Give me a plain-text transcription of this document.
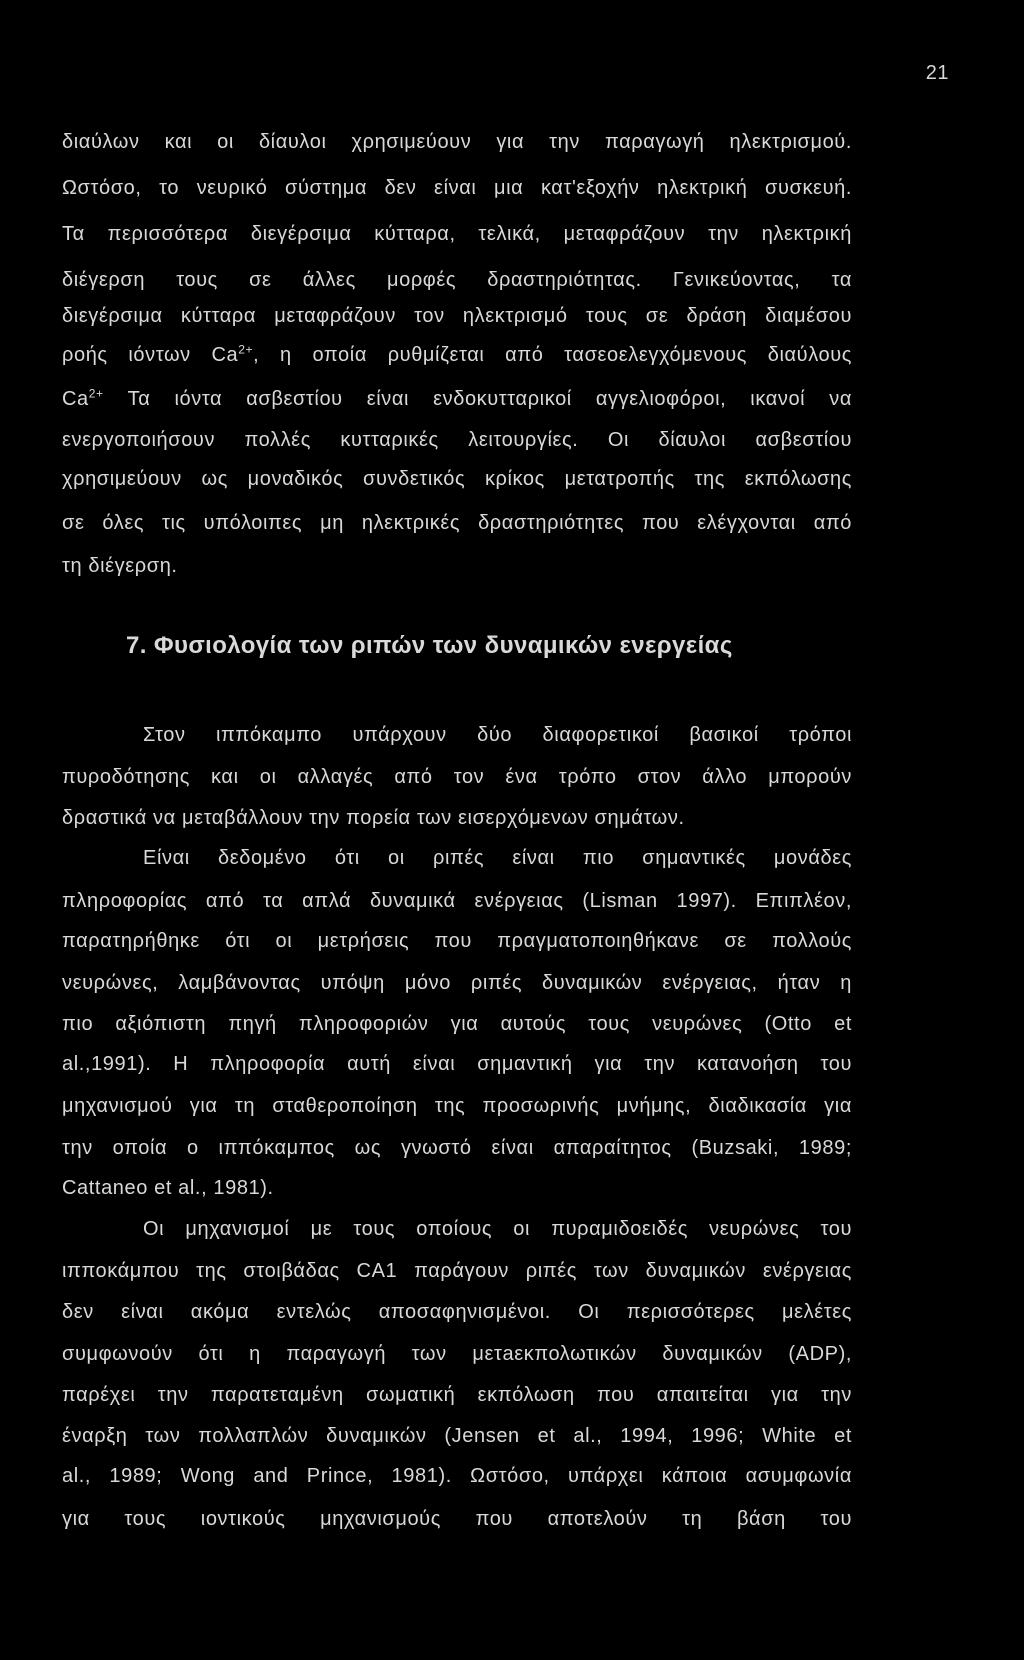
21
διαύλων και οι δίαυλοι χρησιμεύουν για την παραγωγή ηλεκτρισμού.
Ωστόσο, το νευρικό σύστημα δεν είναι μια κατ'εξοχήν ηλεκτρική συσκευή.
Τα περισσότερα διεγέρσιμα κύτταρα, τελικά, μεταφράζουν την ηλεκτρική
διέγερση τους σε άλλες μορφές δραστηριότητας. Γενικεύοντας, τα
διεγέρσιμα κύτταρα μεταφράζουν τον ηλεκτρισμό τους σε δράση διαμέσου
ροής ιόντων $Ca^{2+}$, η οποία ρυθμίζεται από τασεοελεγχόμενους διαύλους
$Ca^{2+}$ Τα ιόντα ασβεστίου είναι ενδοκυτταρικοί αγγελιοφόροι, ικανοί να
ενεργοποιήσουν πολλές κυτταρικές λειτουργίες. Οι δίαυλοι ασβεστίου
χρησιμεύουν ως μοναδικός συνδετικός κρίκος μετατροπής της εκπόλωσης
σε όλες τις υπόλοιπες μη ηλεκτρικές δραστηριότητες που ελέγχονται από
τη διέγερση.
7. Φυσιολογία των ριπών των δυναμικών ενεργείας
Στον ιππόκαμπο υπάρχουν δύο διαφορετικοί βασικοί τρόποι
πυροδότησης και οι αλλαγές από τον ένα τρόπο στον άλλο μπορούν
δραστικά να μεταβάλλουν την πορεία των εισερχόμενων σημάτων.
Είναι δεδομένο ότι οι ριπές είναι πιο σημαντικές μονάδες
πληροφορίας από τα απλά δυναμικά ενέργειας (Lisman 1997). Επιπλέον,
παρατηρήθηκε ότι οι μετρήσεις που πραγματοποιηθήκανε σε πολλούς
νευρώνες, λαμβάνοντας υπόψη μόνο ριπές δυναμικών ενέργειας, ήταν η
πιο αξιόπιστη πηγή πληροφοριών για αυτούς τους νευρώνες (Otto et
al.,1991). Η πληροφορία αυτή είναι σημαντική για την κατανοήση του
μηχανισμού για τη σταθεροποίηση της προσωρινής μνήμης, διαδικασία για
την οποία ο ιππόκαμπος ως γνωστό είναι απαραίτητος (Buzsaki, 1989;
Cattaneo et al., 1981).
Οι μηχανισμοί με τους οποίους οι πυραμιδοειδές νευρώνες του
ιπποκάμπου της στοιβάδας CA1 παράγουν ριπές των δυναμικών ενέργειας
δεν είναι ακόμα εντελώς αποσαφηνισμένοι. Οι περισσότερες μελέτες
συμφωνούν ότι η παραγωγή των μετaεκπολωτικών δυναμικών (ADP),
παρέχει την παρατεταμένη σωματική εκπόλωση που απαιτείται για την
έναρξη των πολλαπλών δυναμικών (Jensen et al., 1994, 1996; White et
al., 1989; Wong and Prince, 1981). Ωστόσο, υπάρχει κάποια ασυμφωνία
για τους ιοντικούς μηχανισμούς που αποτελούν τη βάση του
